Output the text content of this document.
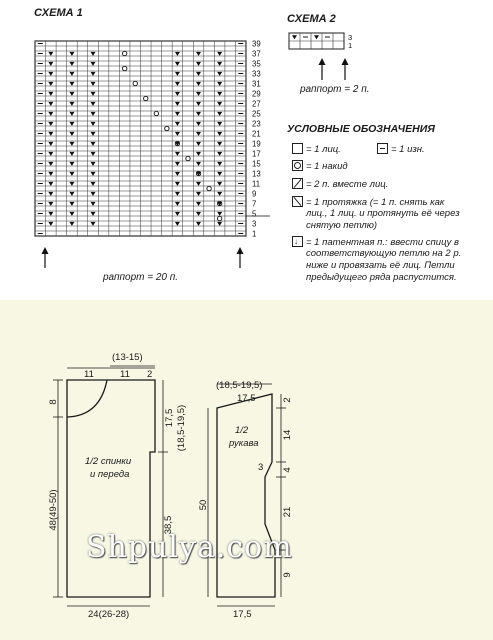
СХЕМА 1
1
3
5
7
9
11
13
15
17
19
21
23
25
27
29
31
33
35
37
39
3
1
раппорт = 20 п.
СХЕМА 2
раппорт = 2 п.
УСЛОВНЫЕ ОБОЗНАЧЕНИЯ
= 1 лиц.	= 1 изн.
= 1 накид
= 2 п. вместе лиц.
= 1 протяжка (= 1 п. снять как
лиц., 1 лиц. и протянуть её через
снятую петлю)
↓ = 1 патентная п.: ввести спицу в
соответствующую петлю на 2 р.
ниже и провязать её лиц. Петли
предыдущего ряда распустится.
(13-15)
11	11 2
8
48(49-50)
17,5 (18,5-19,5)
38,5
24(26-28)
1/2 спинки
и переда
(18,5-19,5)
17,5
17,5
50
2
14
3 4
21
9
1/2
рукава
Shpulya.com
